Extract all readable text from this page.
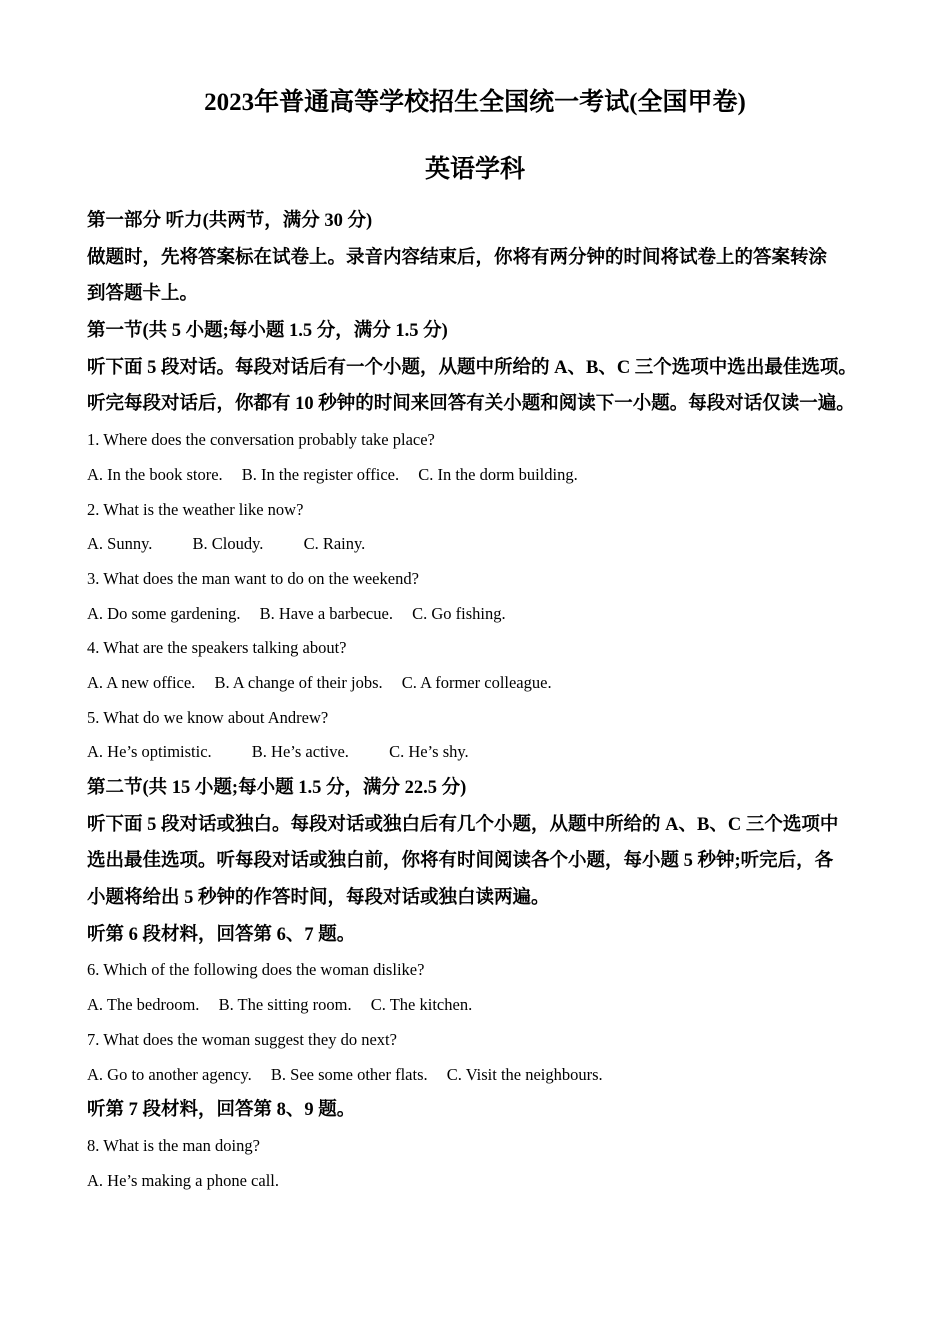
2023年普通高等学校招生全国统一考试(全国甲卷)
英语学科
第一部分 听力(共两节，满分 30 分)
做题时，先将答案标在试卷上。录音内容结束后，你将有两分钟的时间将试卷上的答案转涂
到答题卡上。
第一节(共 5 小题;每小题 1.5 分，满分 1.5 分)
听下面 5 段对话。每段对话后有一个小题，从题中所给的 A、B、C 三个选项中选出最佳选项。
听完每段对话后，你都有 10 秒钟的时间来回答有关小题和阅读下一小题。每段对话仅读一遍。
1. Where does the conversation probably take place?
A. In the book store. B. In the register office. C. In the dorm building.
2. What is the weather like now?
A. Sunny. B. Cloudy. C. Rainy.
3. What does the man want to do on the weekend?
A. Do some gardening. B. Have a barbecue. C. Go fishing.
4. What are the speakers talking about?
A. A new office. B. A change of their jobs. C. A former colleague.
5. What do we know about Andrew?
A. He’s optimistic. B. He’s active. C. He’s shy.
第二节(共 15 小题;每小题 1.5 分，满分 22.5 分)
听下面 5 段对话或独白。每段对话或独白后有几个小题，从题中所给的 A、B、C 三个选项中
选出最佳选项。听每段对话或独白前，你将有时间阅读各个小题，每小题 5 秒钟;听完后，各
小题将给出 5 秒钟的作答时间，每段对话或独白读两遍。
听第 6 段材料，回答第 6、7 题。
6. Which of the following does the woman dislike?
A. The bedroom. B. The sitting room. C. The kitchen.
7. What does the woman suggest they do next?
A. Go to another agency. B. See some other flats. C. Visit the neighbours.
听第 7 段材料，回答第 8、9 题。
8. What is the man doing?
A. He’s making a phone call.
